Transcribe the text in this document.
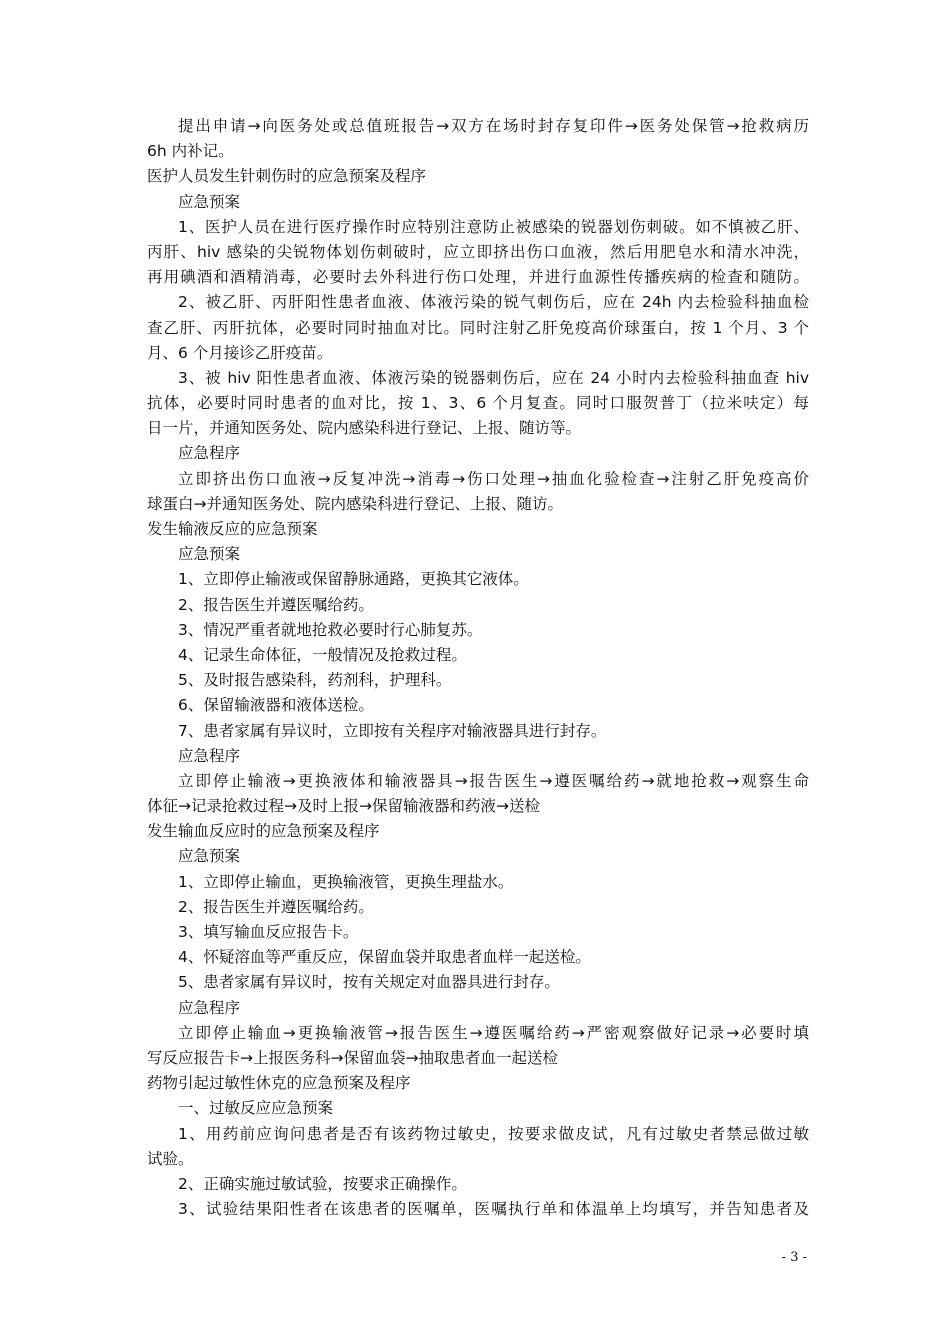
提出申请→向医务处或总值班报告→双方在场时封存复印件→医务处保管→抢救病历
6h 内补记。
医护人员发生针刺伤时的应急预案及程序
应急预案
1、医护人员在进行医疗操作时应特别注意防止被感染的锐器划伤刺破。如不慎被乙肝、
丙肝、hiv 感染的尖锐物体划伤刺破时，应立即挤出伤口血液，然后用肥皂水和清水冲洗，
再用碘酒和酒精消毒，必要时去外科进行伤口处理，并进行血源性传播疾病的检查和随防。
2、被乙肝、丙肝阳性患者血液、体液污染的锐气刺伤后，应在 24h 内去检验科抽血检
查乙肝、丙肝抗体，必要时同时抽血对比。同时注射乙肝免疫高价球蛋白，按 1 个月、3 个
月、6 个月接诊乙肝疫苗。
3、被 hiv 阳性患者血液、体液污染的锐器刺伤后，应在 24 小时内去检验科抽血查 hiv
抗体，必要时同时患者的血对比，按 1、3、6 个月复查。同时口服贺普丁（拉米呋定）每
日一片，并通知医务处、院内感染科进行登记、上报、随访等。
应急程序
立即挤出伤口血液→反复冲洗→消毒→伤口处理→抽血化验检查→注射乙肝免疫高价
球蛋白→并通知医务处、院内感染科进行登记、上报、随访。
发生输液反应的应急预案
应急预案
1、立即停止输液或保留静脉通路，更换其它液体。
2、报告医生并遵医嘱给药。
3、情况严重者就地抢救必要时行心肺复苏。
4、记录生命体征，一般情况及抢救过程。
5、及时报告感染科，药剂科，护理科。
6、保留输液器和液体送检。
7、患者家属有异议时，立即按有关程序对输液器具进行封存。
应急程序
立即停止输液→更换液体和输液器具→报告医生→遵医嘱给药→就地抢救→观察生命
体征→记录抢救过程→及时上报→保留输液器和药液→送检
发生输血反应时的应急预案及程序
应急预案
1、立即停止输血，更换输液管，更换生理盐水。
2、报告医生并遵医嘱给药。
3、填写输血反应报告卡。
4、怀疑溶血等严重反应，保留血袋并取患者血样一起送检。
5、患者家属有异议时，按有关规定对血器具进行封存。
应急程序
立即停止输血→更换输液管→报告医生→遵医嘱给药→严密观察做好记录→必要时填
写反应报告卡→上报医务科→保留血袋→抽取患者血一起送检
药物引起过敏性休克的应急预案及程序
一、过敏反应应急预案
1、用药前应询问患者是否有该药物过敏史，按要求做皮试，凡有过敏史者禁忌做过敏
试验。
2、正确实施过敏试验，按要求正确操作。
3、试验结果阳性者在该患者的医嘱单，医嘱执行单和体温单上均填写，并告知患者及
- 3 -
